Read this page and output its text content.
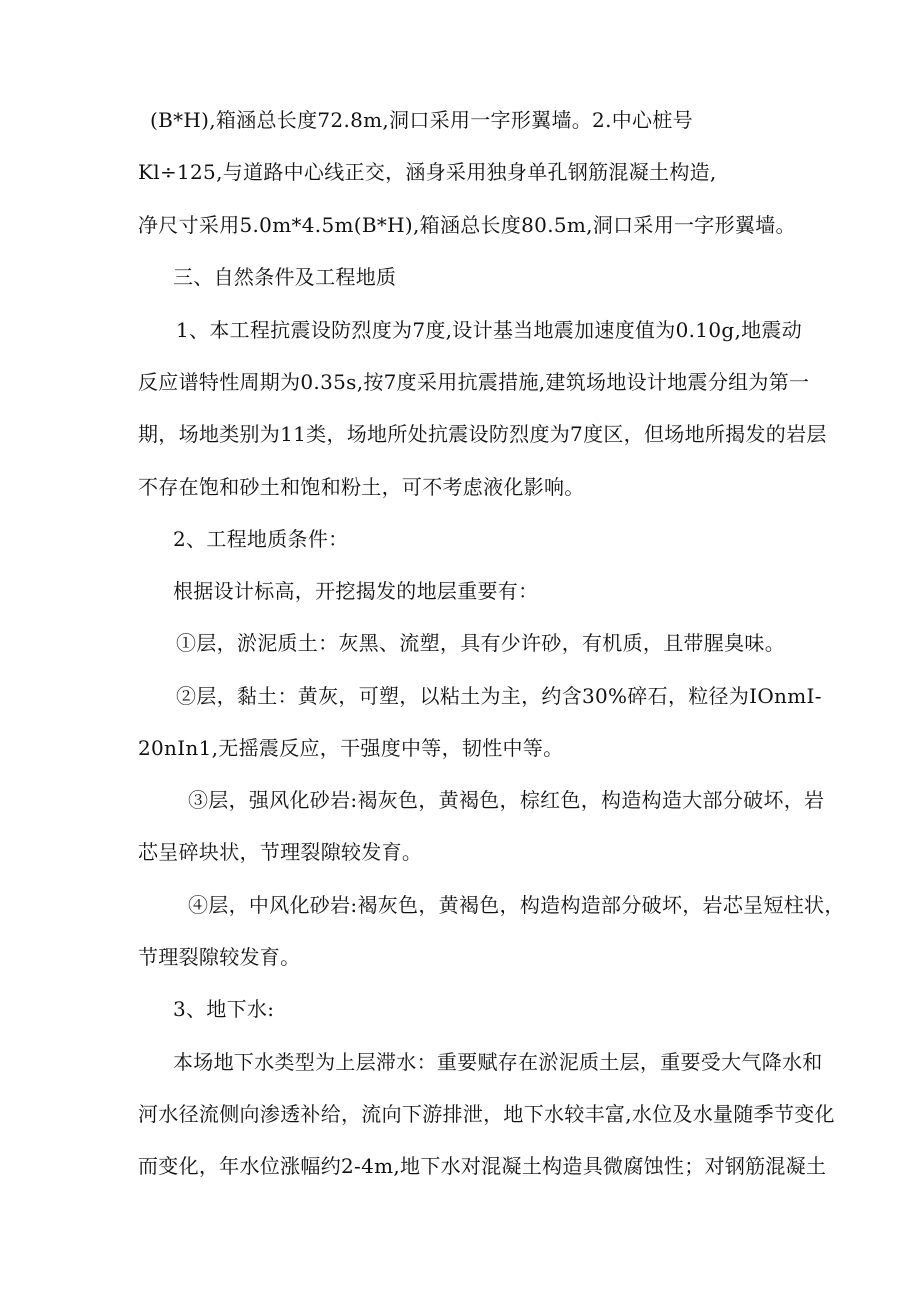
(B*H),箱涵总长度72.8m,洞口采用一字形翼墙。2.中心桩号
Kl÷125,与道路中心线正交，涵身采用独身单孔钢筋混凝土构造,
净尺寸采用5.0m*4.5m(B*H),箱涵总长度80.5m,洞口采用一字形翼墙。
三、自然条件及工程地质
1、本工程抗震设防烈度为7度,设计基当地震加速度值为0.10g,地震动
反应谱特性周期为0.35s,按7度采用抗震措施,建筑场地设计地震分组为第一
期，场地类别为11类，场地所处抗震设防烈度为7度区，但场地所揭发的岩层
不存在饱和砂土和饱和粉土，可不考虑液化影响。
2、工程地质条件：
根据设计标高，开挖揭发的地层重要有：
①层，淤泥质土：灰黑、流塑，具有少许砂，有机质，且带腥臭味。
②层，黏土：黄灰，可塑，以粘土为主，约含30%碎石，粒径为IOnmI-
20nIn1,无摇震反应，干强度中等，韧性中等。
③层，强风化砂岩:褐灰色，黄褐色，棕红色，构造构造大部分破坏，岩
芯呈碎块状，节理裂隙较发育。
④层，中风化砂岩:褐灰色，黄褐色，构造构造部分破坏，岩芯呈短柱状，
节理裂隙较发育。
3、地下水:
本场地下水类型为上层滞水：重要赋存在淤泥质土层，重要受大气降水和
河水径流侧向渗透补给，流向下游排泄，地下水较丰富,水位及水量随季节变化
而变化，年水位涨幅约2-4m,地下水对混凝土构造具微腐蚀性；对钢筋混凝土
